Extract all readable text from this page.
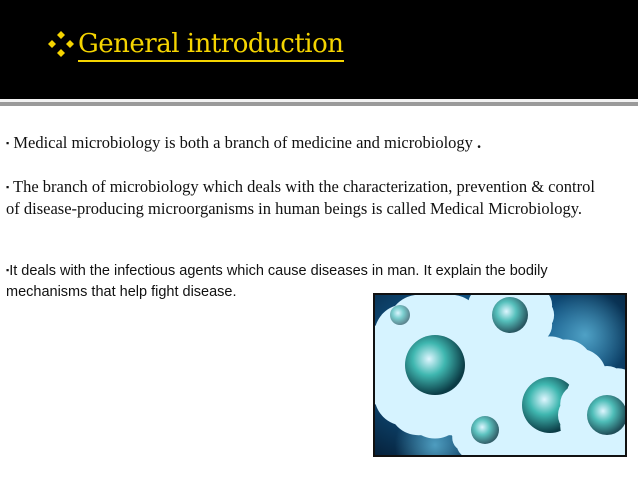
General introduction
▪ Medical microbiology is both a branch of medicine and microbiology .
▪ The branch of microbiology which deals with the characterization, prevention & control of disease-producing microorganisms in human beings is called Medical Microbiology.
▪It deals with the infectious agents which cause diseases in man. It explain the bodily mechanisms that help fight disease.
